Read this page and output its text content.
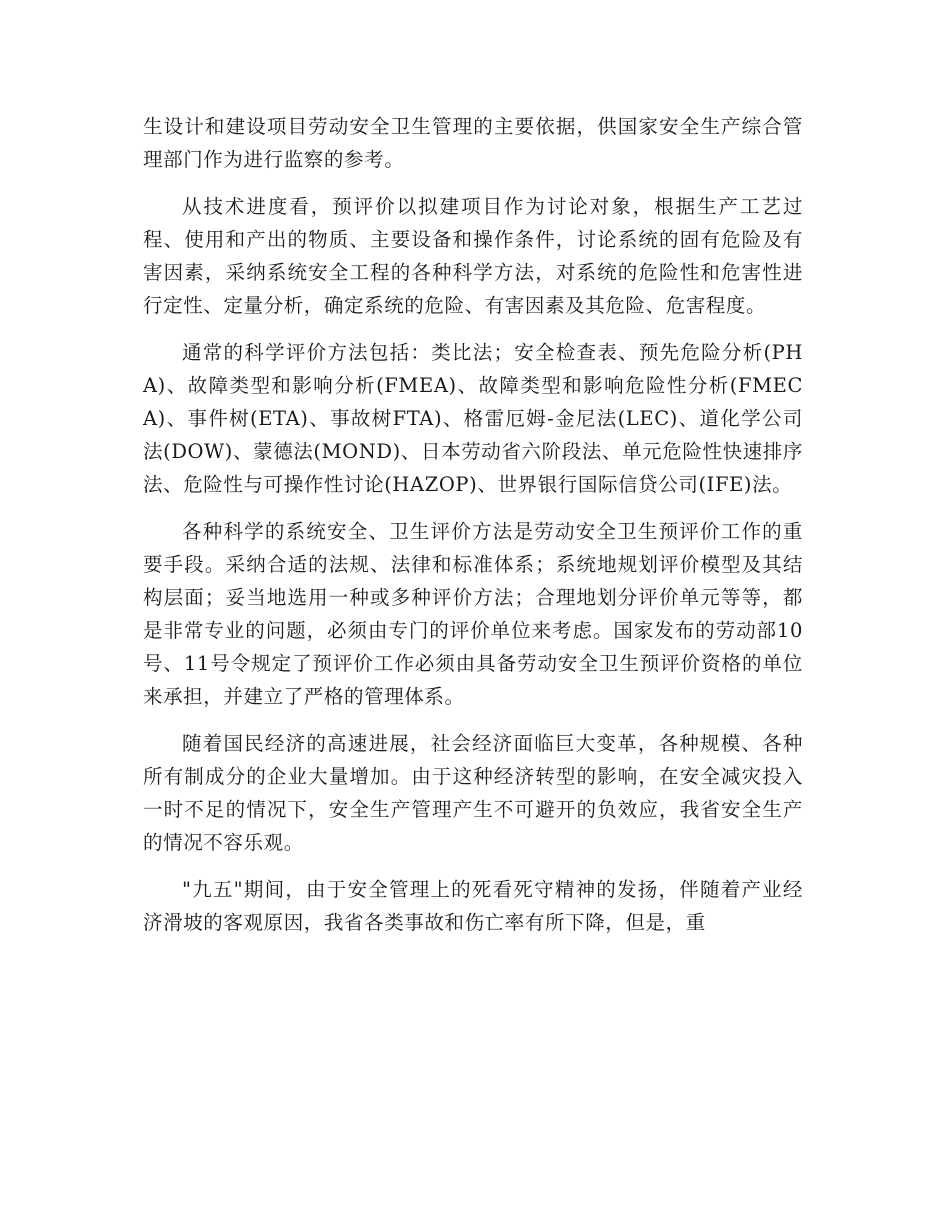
生设计和建设项目劳动安全卫生管理的主要依据，供国家安全生产综合管理部门作为进行监察的参考。

从技术进度看，预评价以拟建项目作为讨论对象，根据生产工艺过程、使用和产出的物质、主要设备和操作条件，讨论系统的固有危险及有害因素，采纳系统安全工程的各种科学方法，对系统的危险性和危害性进行定性、定量分析，确定系统的危险、有害因素及其危险、危害程度。

通常的科学评价方法包括：类比法；安全检查表、预先危险分析(PHA)、故障类型和影响分析(FMEA)、故障类型和影响危险性分析(FMECA)、事件树(ETA)、事故树FTA)、格雷厄姆-金尼法(LEC)、道化学公司法(DOW)、蒙德法(MOND)、日本劳动省六阶段法、单元危险性快速排序法、危险性与可操作性讨论(HAZOP)、世界银行国际信贷公司(IFE)法。

各种科学的系统安全、卫生评价方法是劳动安全卫生预评价工作的重要手段。采纳合适的法规、法律和标准体系；系统地规划评价模型及其结构层面；妥当地选用一种或多种评价方法；合理地划分评价单元等等，都是非常专业的问题，必须由专门的评价单位来考虑。国家发布的劳动部10号、11号令规定了预评价工作必须由具备劳动安全卫生预评价资格的单位来承担，并建立了严格的管理体系。

随着国民经济的高速进展，社会经济面临巨大变革，各种规模、各种所有制成分的企业大量增加。由于这种经济转型的影响，在安全减灾投入一时不足的情况下，安全生产管理产生不可避开的负效应，我省安全生产的情况不容乐观。

"九五"期间，由于安全管理上的死看死守精神的发扬，伴随着产业经济滑坡的客观原因，我省各类事故和伤亡率有所下降，但是，重
